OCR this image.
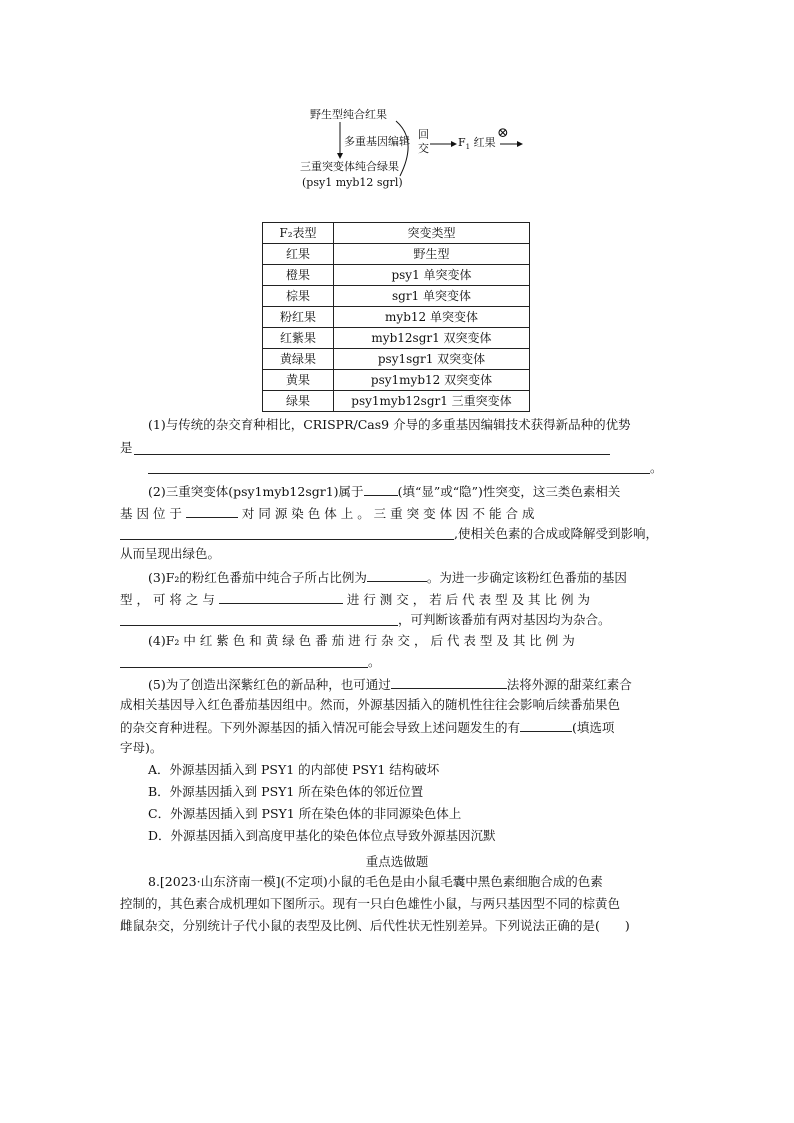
野生型纯合红果
多重基因编辑
三重突变体纯合绿果
(psy1 myb12 sgrl)
回
交	$F_1$ 红果
⊗
F₂表型	突变类型
红果	野生型
橙果	psy1 单突变体
棕果	sgr1 单突变体
粉红果	myb12 单突变体
红紫果	myb12sgr1 双突变体
黄绿果	psy1sgr1 双突变体
黄果	psy1myb12 双突变体
绿果	psy1myb12sgr1 三重突变体
(1)与传统的杂交育种相比，CRISPR/Cas9 介导的多重基因编辑技术获得新品种的优势
是
。
(2)三重突变体(psy1myb12sgr1)属于	(填“显”或“隐”)性突变，这三类色素相关
基 因 位 于	对 同 源 染 色 体 上 。 三 重 突 变 体 因 不 能 合 成
,使相关色素的合成或降解受到影响，
从而呈现出绿色。
(3)F₂的粉红色番茄中纯合子所占比例为	。为进一步确定该粉红色番茄的基因
型 ， 可 将 之 与	进 行 测 交 ， 若 后 代 表 型 及 其 比 例 为
，可判断该番茄有两对基因均为杂合。
(4)F₂ 中 红 紫 色 和 黄 绿 色 番 茄 进 行 杂 交 ， 后 代 表 型 及 其 比 例 为
。
(5)为了创造出深紫红色的新品种，也可通过	法将外源的甜菜红素合
成相关基因导入红色番茄基因组中。然而，外源基因插入的随机性往往会影响后续番茄果色
的杂交育种进程。下列外源基因的插入情况可能会导致上述问题发生的有	(填选项
字母)。
A．外源基因插入到 PSY1 的内部使 PSY1 结构破坏
B．外源基因插入到 PSY1 所在染色体的邻近位置
C．外源基因插入到 PSY1 所在染色体的非同源染色体上
D．外源基因插入到高度甲基化的染色体位点导致外源基因沉默
重点选做题
8.[2023·山东济南一模](不定项)小鼠的毛色是由小鼠毛囊中黑色素细胞合成的色素
控制的，其色素合成机理如下图所示。现有一只白色雄性小鼠，与两只基因型不同的棕黄色
雌鼠杂交，分别统计子代小鼠的表型及比例、后代性状无性别差异。下列说法正确的是(　　)
